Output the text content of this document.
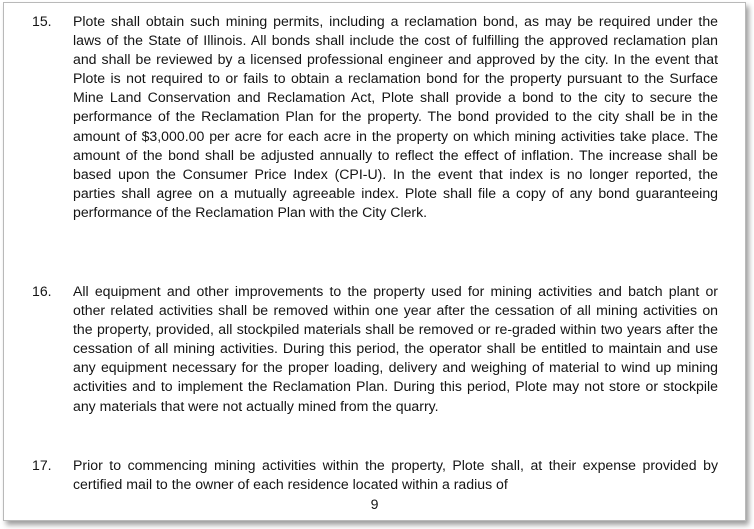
15. Plote shall obtain such mining permits, including a reclamation bond, as may be required under the laws of the State of Illinois. All bonds shall include the cost of fulfilling the approved reclamation plan and shall be reviewed by a licensed professional engineer and approved by the city. In the event that Plote is not required to or fails to obtain a reclamation bond for the property pursuant to the Surface Mine Land Conservation and Reclamation Act, Plote shall provide a bond to the city to secure the performance of the Reclamation Plan for the property. The bond provided to the city shall be in the amount of $3,000.00 per acre for each acre in the property on which mining activities take place. The amount of the bond shall be adjusted annually to reflect the effect of inflation. The increase shall be based upon the Consumer Price Index (CPI-U). In the event that index is no longer reported, the parties shall agree on a mutually agreeable index. Plote shall file a copy of any bond guaranteeing performance of the Reclamation Plan with the City Clerk.
16. All equipment and other improvements to the property used for mining activities and batch plant or other related activities shall be removed within one year after the cessation of all mining activities on the property, provided, all stockpiled materials shall be removed or re-graded within two years after the cessation of all mining activities. During this period, the operator shall be entitled to maintain and use any equipment necessary for the proper loading, delivery and weighing of material to wind up mining activities and to implement the Reclamation Plan. During this period, Plote may not store or stockpile any materials that were not actually mined from the quarry.
17. Prior to commencing mining activities within the property, Plote shall, at their expense provided by certified mail to the owner of each residence located within a radius of
9
